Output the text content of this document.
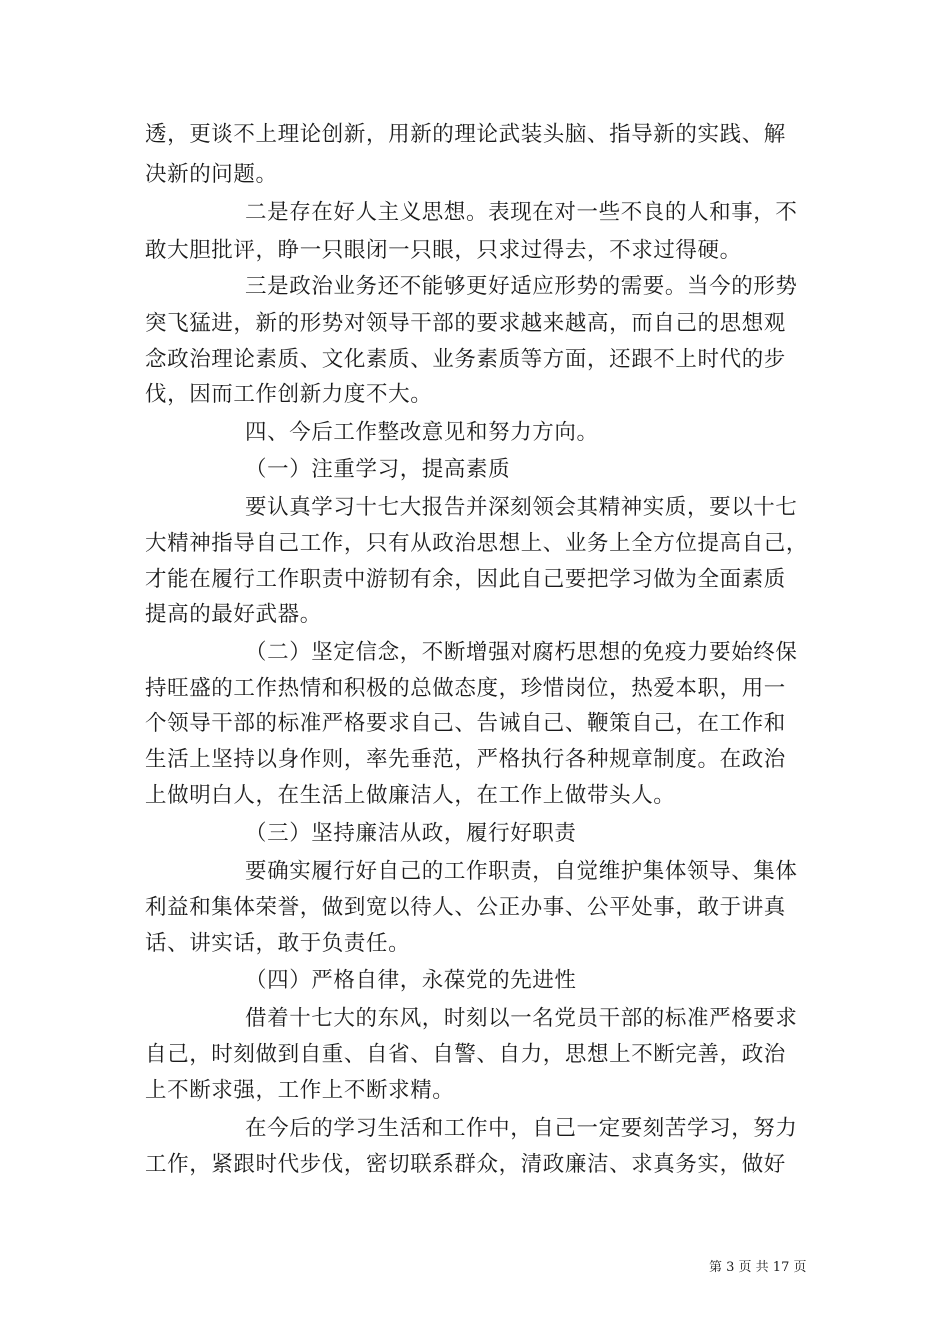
透，更谈不上理论创新，用新的理论武装头脑、指导新的实践、解
决新的问题。
二是存在好人主义思想。表现在对一些不良的人和事，不
敢大胆批评，睁一只眼闭一只眼，只求过得去，不求过得硬。
三是政治业务还不能够更好适应形势的需要。当今的形势
突飞猛进，新的形势对领导干部的要求越来越高，而自己的思想观
念政治理论素质、文化素质、业务素质等方面，还跟不上时代的步
伐，因而工作创新力度不大。
四、今后工作整改意见和努力方向。
（一）注重学习，提高素质
要认真学习十七大报告并深刻领会其精神实质，要以十七
大精神指导自己工作，只有从政治思想上、业务上全方位提高自己，
才能在履行工作职责中游韧有余，因此自己要把学习做为全面素质
提高的最好武器。
（二）坚定信念，不断增强对腐朽思想的免疫力要始终保
持旺盛的工作热情和积极的总做态度，珍惜岗位，热爱本职，用一
个领导干部的标准严格要求自己、告诫自己、鞭策自己，在工作和
生活上坚持以身作则，率先垂范，严格执行各种规章制度。在政治
上做明白人，在生活上做廉洁人，在工作上做带头人。
（三）坚持廉洁从政，履行好职责
要确实履行好自己的工作职责，自觉维护集体领导、集体
利益和集体荣誉，做到宽以待人、公正办事、公平处事，敢于讲真
话、讲实话，敢于负责任。
（四）严格自律，永葆党的先进性
借着十七大的东风，时刻以一名党员干部的标准严格要求
自己，时刻做到自重、自省、自警、自力，思想上不断完善，政治
上不断求强，工作上不断求精。
在今后的学习生活和工作中，自己一定要刻苦学习，努力
工作，紧跟时代步伐，密切联系群众，清政廉洁、求真务实，做好
第 3 页 共 17 页
